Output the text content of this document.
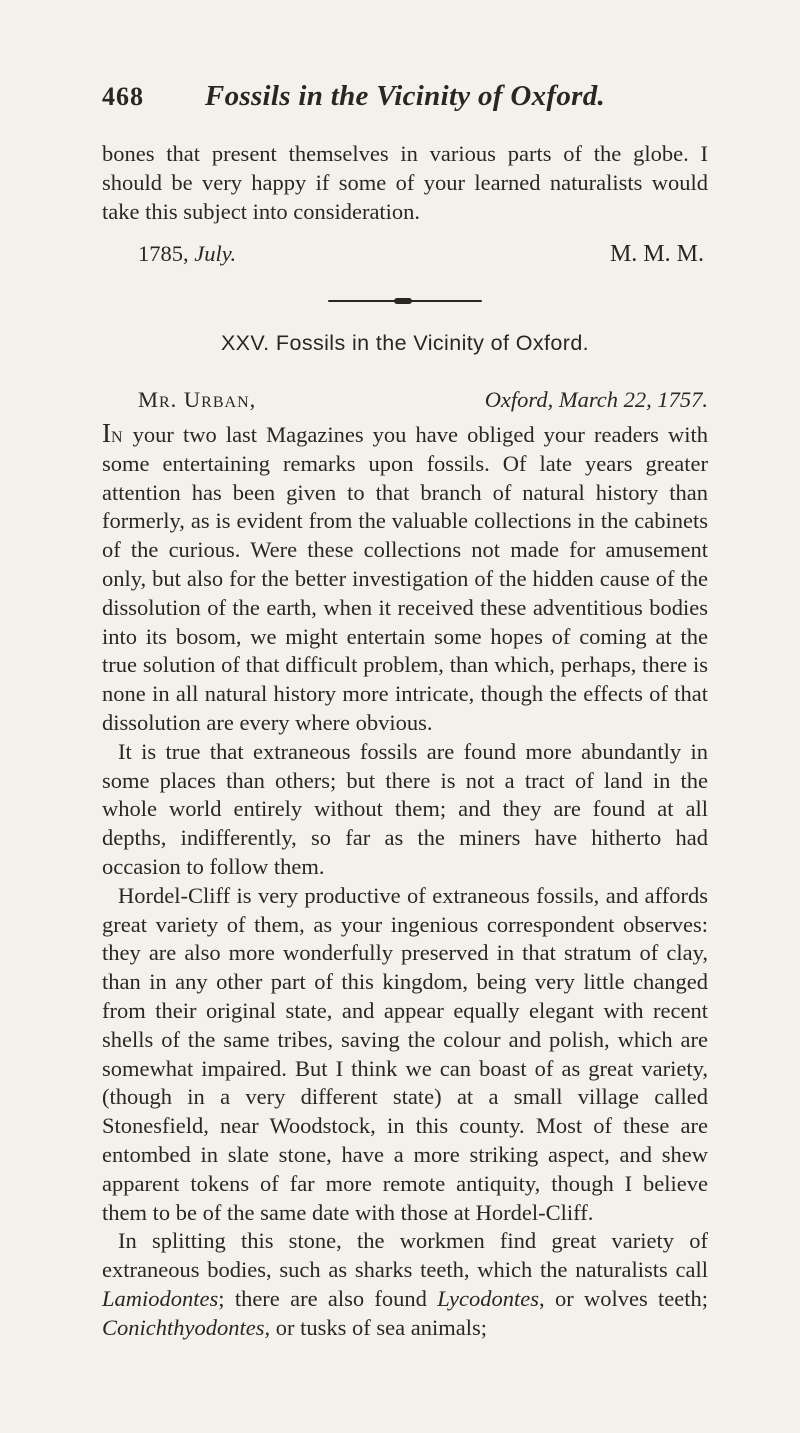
468	Fossils in the Vicinity of Oxford.
bones that present themselves in various parts of the globe. I should be very happy if some of your learned naturalists would take this subject into consideration.
1785, July.	M. M. M.
XXV. Fossils in the Vicinity of Oxford.
Mr. Urban,	Oxford, March 22, 1757.
In your two last Magazines you have obliged your readers with some entertaining remarks upon fossils. Of late years greater attention has been given to that branch of natural history than formerly, as is evident from the valuable collections in the cabinets of the curious. Were these collections not made for amusement only, but also for the better investigation of the hidden cause of the dissolution of the earth, when it received these adventitious bodies into its bosom, we might entertain some hopes of coming at the true solution of that difficult problem, than which, perhaps, there is none in all natural history more intricate, though the effects of that dissolution are every where obvious.
It is true that extraneous fossils are found more abundantly in some places than others; but there is not a tract of land in the whole world entirely without them; and they are found at all depths, indifferently, so far as the miners have hitherto had occasion to follow them.
Hordel-Cliff is very productive of extraneous fossils, and affords great variety of them, as your ingenious correspondent observes: they are also more wonderfully preserved in that stratum of clay, than in any other part of this kingdom, being very little changed from their original state, and appear equally elegant with recent shells of the same tribes, saving the colour and polish, which are somewhat impaired. But I think we can boast of as great variety, (though in a very different state) at a small village called Stonesfield, near Woodstock, in this county. Most of these are entombed in slate stone, have a more striking aspect, and shew apparent tokens of far more remote antiquity, though I believe them to be of the same date with those at Hordel-Cliff.
In splitting this stone, the workmen find great variety of extraneous bodies, such as sharks teeth, which the naturalists call Lamiodontes; there are also found Lycodontes, or wolves teeth; Conichthyodontes, or tusks of sea animals;
